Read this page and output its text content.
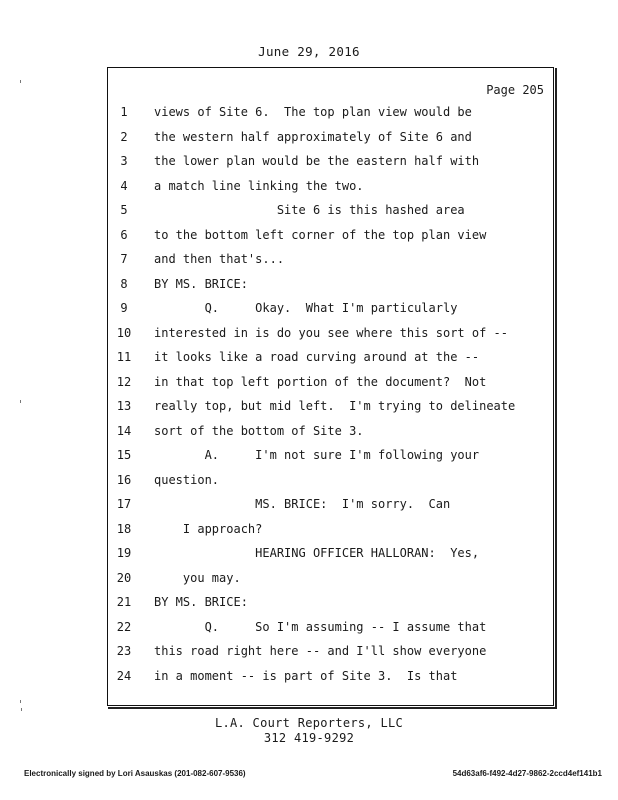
June 29, 2016
Page 205
1
2
3
4
5
6
7
8
9
10
11
12
13
14
15
16
17
18
19
20
21
22
23
24
views of Site 6.  The top plan view would be
the western half approximately of Site 6 and
the lower plan would be the eastern half with
a match line linking the two.
Site 6 is this hashed area
to the bottom left corner of the top plan view
and then that's...
BY MS. BRICE:
Q.     Okay.  What I'm particularly
interested in is do you see where this sort of --
it looks like a road curving around at the --
in that top left portion of the document?  Not
really top, but mid left.  I'm trying to delineate
sort of the bottom of Site 3.
A.     I'm not sure I'm following your
question.
MS. BRICE:  I'm sorry.  Can
I approach?
HEARING OFFICER HALLORAN:  Yes,
you may.
BY MS. BRICE:
Q.     So I'm assuming -- I assume that
this road right here -- and I'll show everyone
in a moment -- is part of Site 3.  Is that
L.A. Court Reporters, LLC
312 419-9292
Electronically signed by Lori Asauskas (201-082-607-9536)	54d63af6-f492-4d27-9862-2ccd4ef141b1
